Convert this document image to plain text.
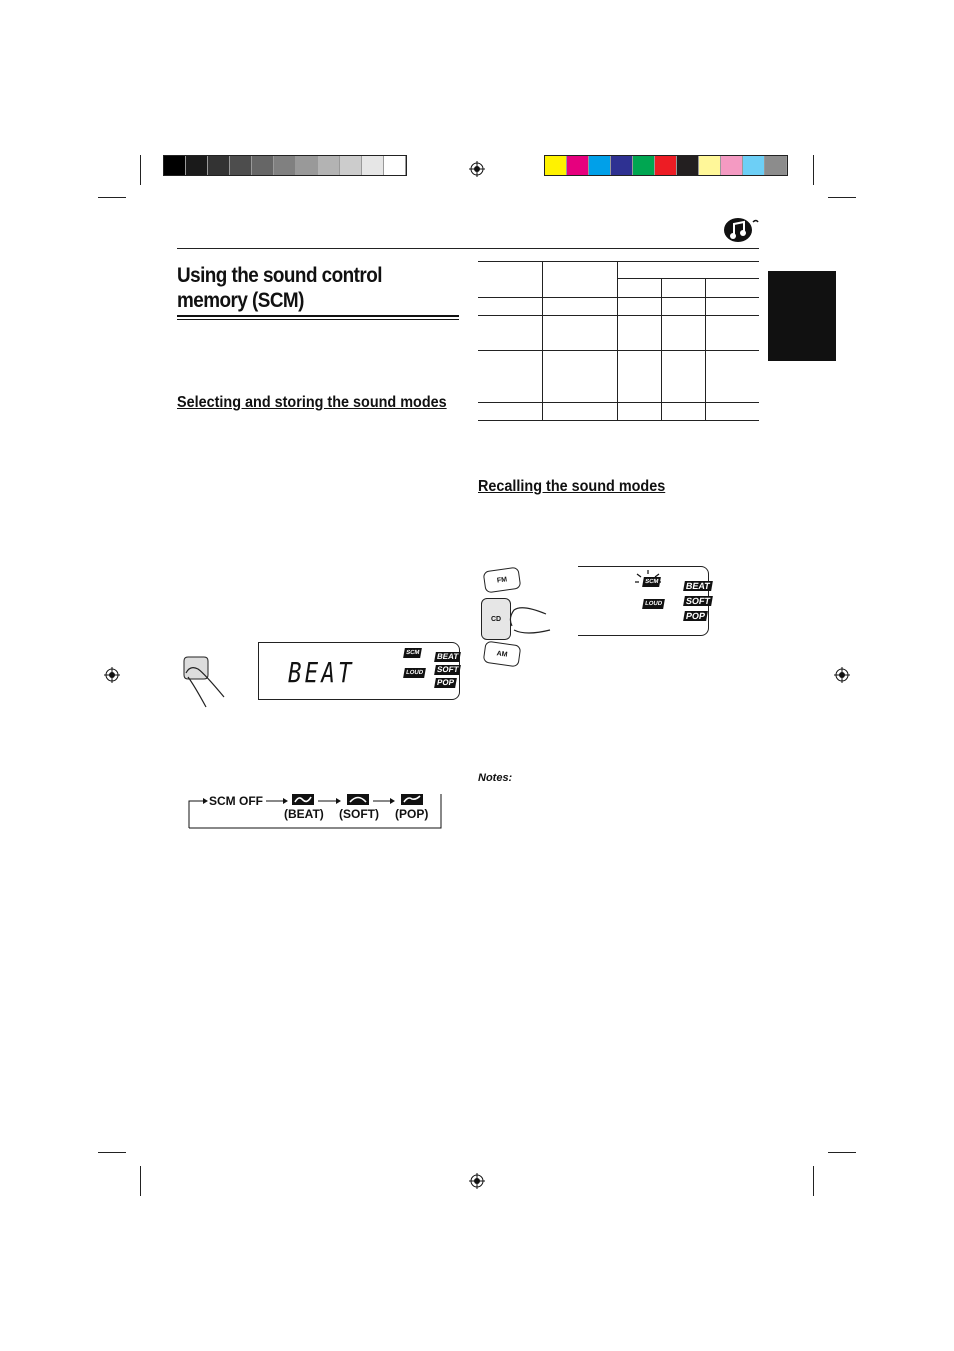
Using the sound control memory (SCM)
Selecting and storing the sound modes
Recalling the sound modes
BEAT
SCM
LOUD
BEAT
SOFT
POP
SCM OFF
(BEAT) (SOFT) (POP)
FM
CD
AM
SCM
LOUD
BEAT
SOFT
POP
Notes:
